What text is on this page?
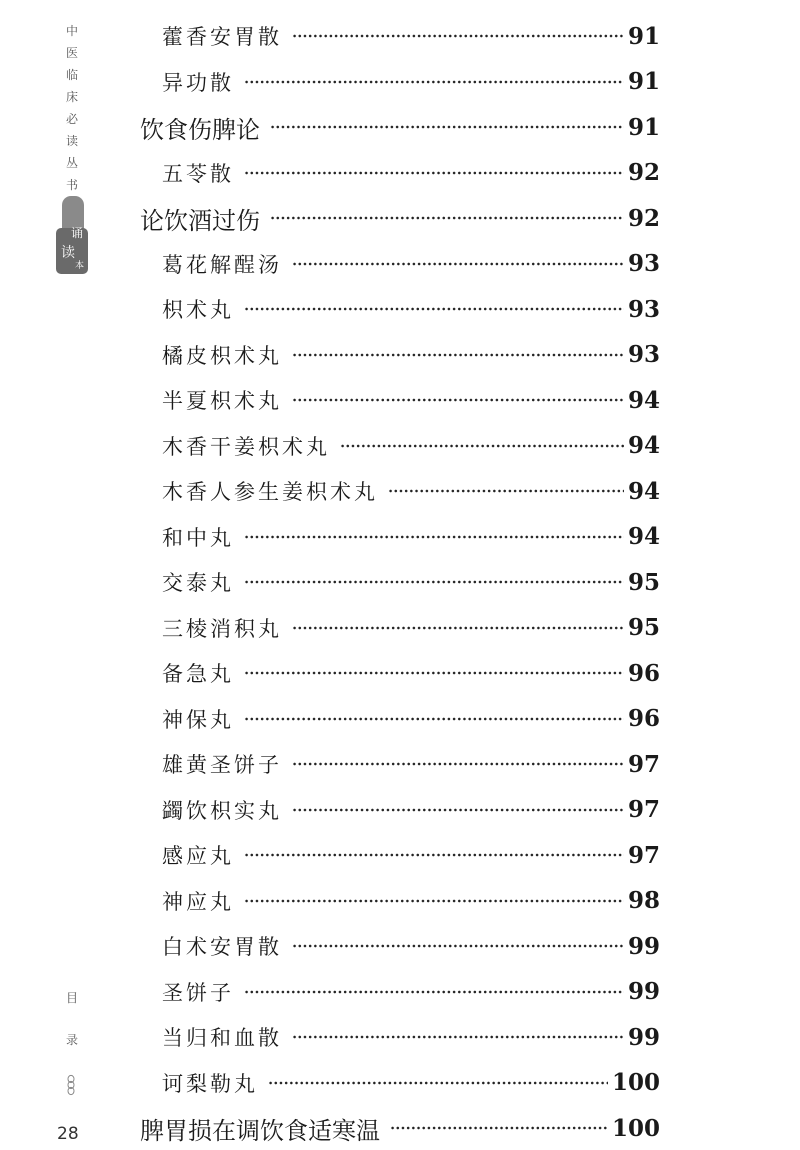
中
医
临
床
必
读
丛
书
诵
读
本
目
录
28
藿香安胃散	91
异功散	91
饮食伤脾论	91
五苓散	92
论饮酒过伤	92
葛花解酲汤	93
枳术丸	93
橘皮枳术丸	93
半夏枳术丸	94
木香干姜枳术丸	94
木香人参生姜枳术丸	94
和中丸	94
交泰丸	95
三棱消积丸	95
备急丸	96
神保丸	96
雄黄圣饼子	97
蠲饮枳实丸	97
感应丸	97
神应丸	98
白术安胃散	99
圣饼子	99
当归和血散	99
诃梨勒丸	100
脾胃损在调饮食适寒温	100
